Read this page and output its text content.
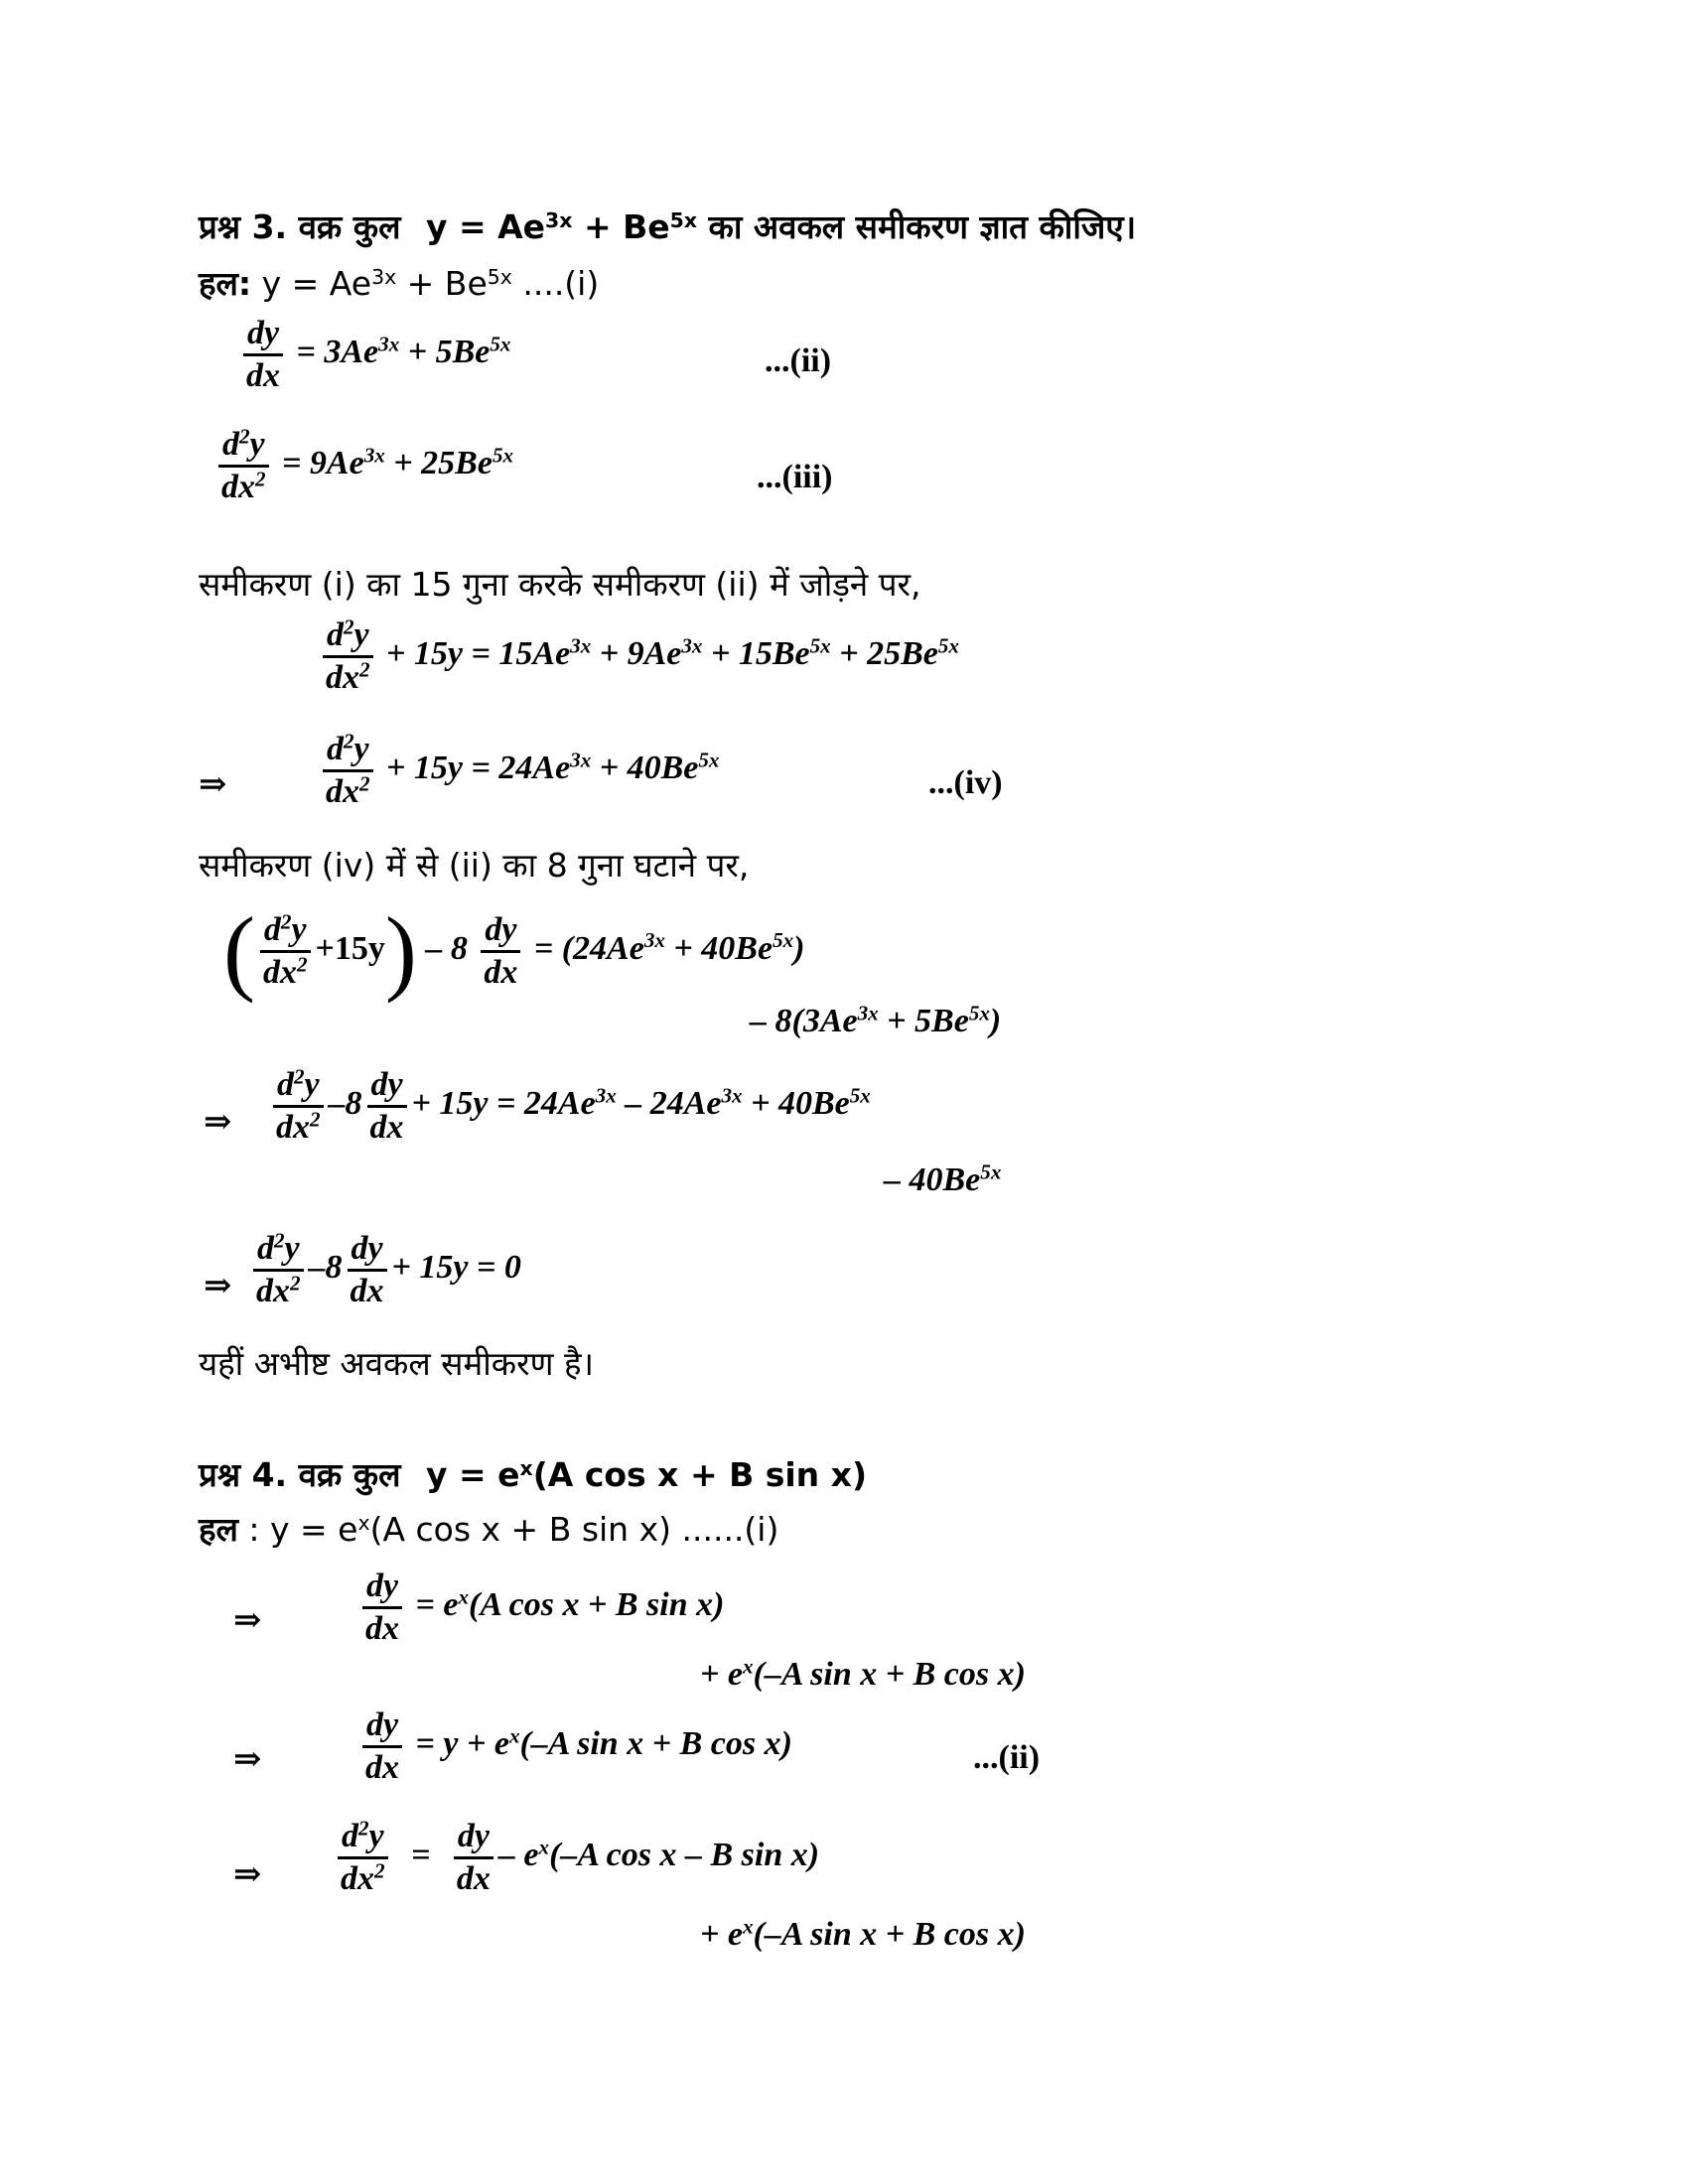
प्रश्न 3. वक्र कुल $y = Ae^{3x} + Be^{5x}$ का अवकल समीकरण ज्ञात कीजिए।
हल: $y = Ae^{3x} + Be^{5x}$ ....(i)
$\frac{dy}{dx} = 3Ae^{3x} + 5Be^{5x}$	...(ii)
$\frac{d^2y}{dx^2} = 9Ae^{3x} + 25Be^{5x}$
...(iii)
समीकरण (i) का 15 गुना करके समीकरण (ii) में जोड़ने पर,
$\frac{d^2y}{dx^2} + 15y = 15Ae^{3x} + 9Ae^{3x} + 15Be^{5x} + 25Be^{5x}$
⇒	$\frac{d^2y}{dx^2} + 15y = 24Ae^{3x} + 40Be^{5x}$
...(iv)
समीकरण (iv) में से (ii) का 8 गुना घटाने पर,
( $\frac{d^2y}{dx^2} +15y) - 8 \frac{dy}{dx} = (24Ae^{3x} + 40Be^{5x})$
– $8(3Ae^{3x} + 5Be^{5x})$
⇒ $\frac{d^2y}{dx^2} -8 \frac{dy}{dx} + 15y = 24Ae^{3x} - 24Ae^{3x} + 40Be^{5x}$
– $40Be^{5x}$
⇒ $\frac{d^2y}{dx^2} -8 \frac{dy}{dx} + 15y = 0$
यहीं अभीष्ट अवकल समीकरण है।
प्रश्न 4. वक्र कुल $y = e^x(A$ cos x + B sin x)
हल : $y = e^x(A$ cos x + B sin x) ......(i)
⇒	$\frac{dy}{dx} = e^x(A$ cos x + B sin x)
+ $e^x(-A$ sin x + B cos x)
⇒	$\frac{dy}{dx} = y + e^x(-A$ sin x + B cos x)	...(ii)
⇒ $\frac{d^2y}{dx^2} = \frac{dy}{dx} - e^x(-A$ cos x – B sin x)
+ $e^x(-A$ sin x + B cos x)
